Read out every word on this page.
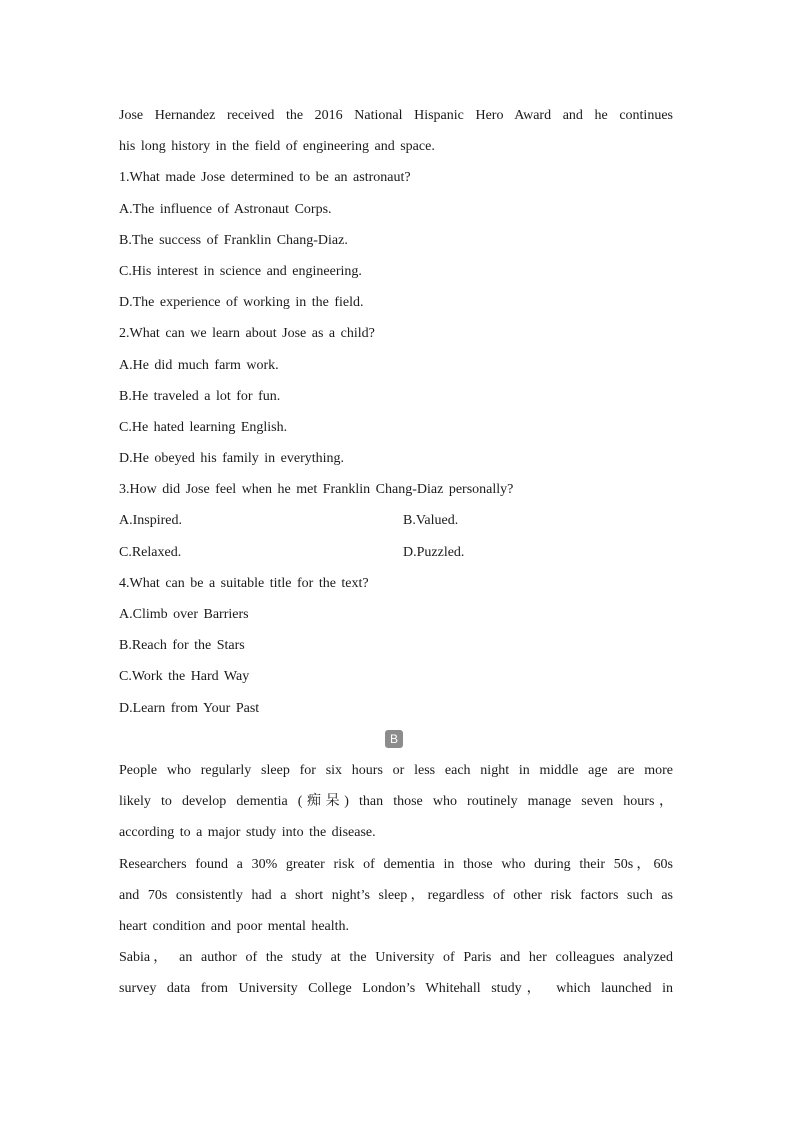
Jose Hernandez received the 2016 National Hispanic Hero Award and he continues
his long history in the field of engineering and space.
1.What made Jose determined to be an astronaut?
A.The influence of Astronaut Corps.
B.The success of Franklin Chang-Diaz.
C.His interest in science and engineering.
D.The experience of working in the field.
2.What can we learn about Jose as a child?
A.He did much farm work.
B.He traveled a lot for fun.
C.He hated learning English.
D.He obeyed his family in everything.
3.How did Jose feel when he met Franklin Chang-Diaz personally?
A.Inspired.	B.Valued.
C.Relaxed.	D.Puzzled.
4.What can be a suitable title for the text?
A.Climb over Barriers
B.Reach for the Stars
C.Work the Hard Way
D.Learn from Your Past
B
People who regularly sleep for six hours or less each night in middle age are more
likely to develop dementia (痴呆) than those who routinely manage seven hours，
according to a major study into the disease.
Researchers found a 30% greater risk of dementia in those who during their 50s，60s
and 70s consistently had a short night’s sleep，regardless of other risk factors such as
heart condition and poor mental health.
Sabia， an author of the study at the University of Paris and her colleagues analyzed
survey data from University College London’s Whitehall study， which launched in
